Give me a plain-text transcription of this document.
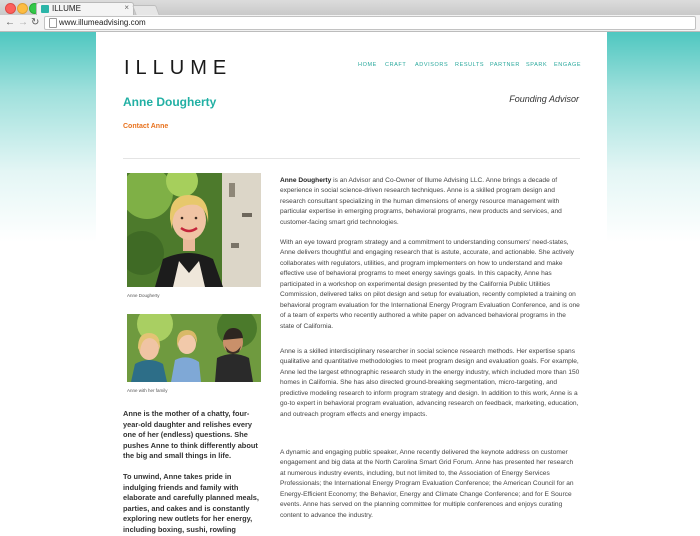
ILLUME	×
← → ↻ www.illumeadvising.com
ILLUME	HOME CRAFT ADVISORS RESULTS PARTNER SPARK ENGAGE
Anne Dougherty	Founding Advisor
Contact Anne
Anne Dougherty
Anne with her family

Anne is the mother of a chatty, four-year-old daughter and relishes every one of her (endless) questions. She pushes Anne to think differently about the big and small things in life.

To unwind, Anne takes pride in indulging friends and family with elaborate and carefully planned meals, parties, and cakes and is constantly exploring new outlets for her energy, including boxing, sushi, rowling

Anne Dougherty is an Advisor and Co-Owner of Illume Advising LLC. Anne brings a decade of experience in social science-driven research techniques. Anne is a skilled program design and research consultant specializing in the human dimensions of energy resource management with particular expertise in emerging programs, behavioral programs, new products and services, and customer-facing smart grid technologies.

With an eye toward program strategy and a commitment to understanding consumers' need-states, Anne delivers thoughtful and engaging research that is astute, accurate, and actionable. She actively collaborates with regulators, utilities, and program implementers on how to understand and make effective use of behavioral programs to meet energy savings goals. In this capacity, Anne has participated in a workshop on experimental design presented by the California Public Utilities Commission, delivered talks on pilot design and setup for evaluation, recently completed a training on behavioral program evaluation for the International Energy Program Evaluation Conference, and is one of a team of experts who recently authored a white paper on advanced behavioral programs in the state of California.

Anne is a skilled interdisciplinary researcher in social science research methods. Her expertise spans qualitative and quantitative methodologies to meet program design and evaluation goals. For example, Anne led the largest ethnographic research study in the energy industry, which included more than 150 homes in California. She has also directed ground-breaking segmentation, micro-targeting, and predictive modeling research to inform program strategy and design. In addition to this work, Anne is a go-to expert in behavioral program evaluation, advancing research on feedback, marketing, education, and outreach program effects and energy impacts.

A dynamic and engaging public speaker, Anne recently delivered the keynote address on customer engagement and big data at the North Carolina Smart Grid Forum. Anne has presented her research at numerous industry events, including, but not limited to, the Association of Energy Services Professionals; the International Energy Program Evaluation Conference; the American Council for an Energy-Efficient Economy; the Behavior, Energy and Climate Change Conference; and for E Source events. Anne has served on the planning committee for multiple conferences and enjoys curating content to advance the industry.
